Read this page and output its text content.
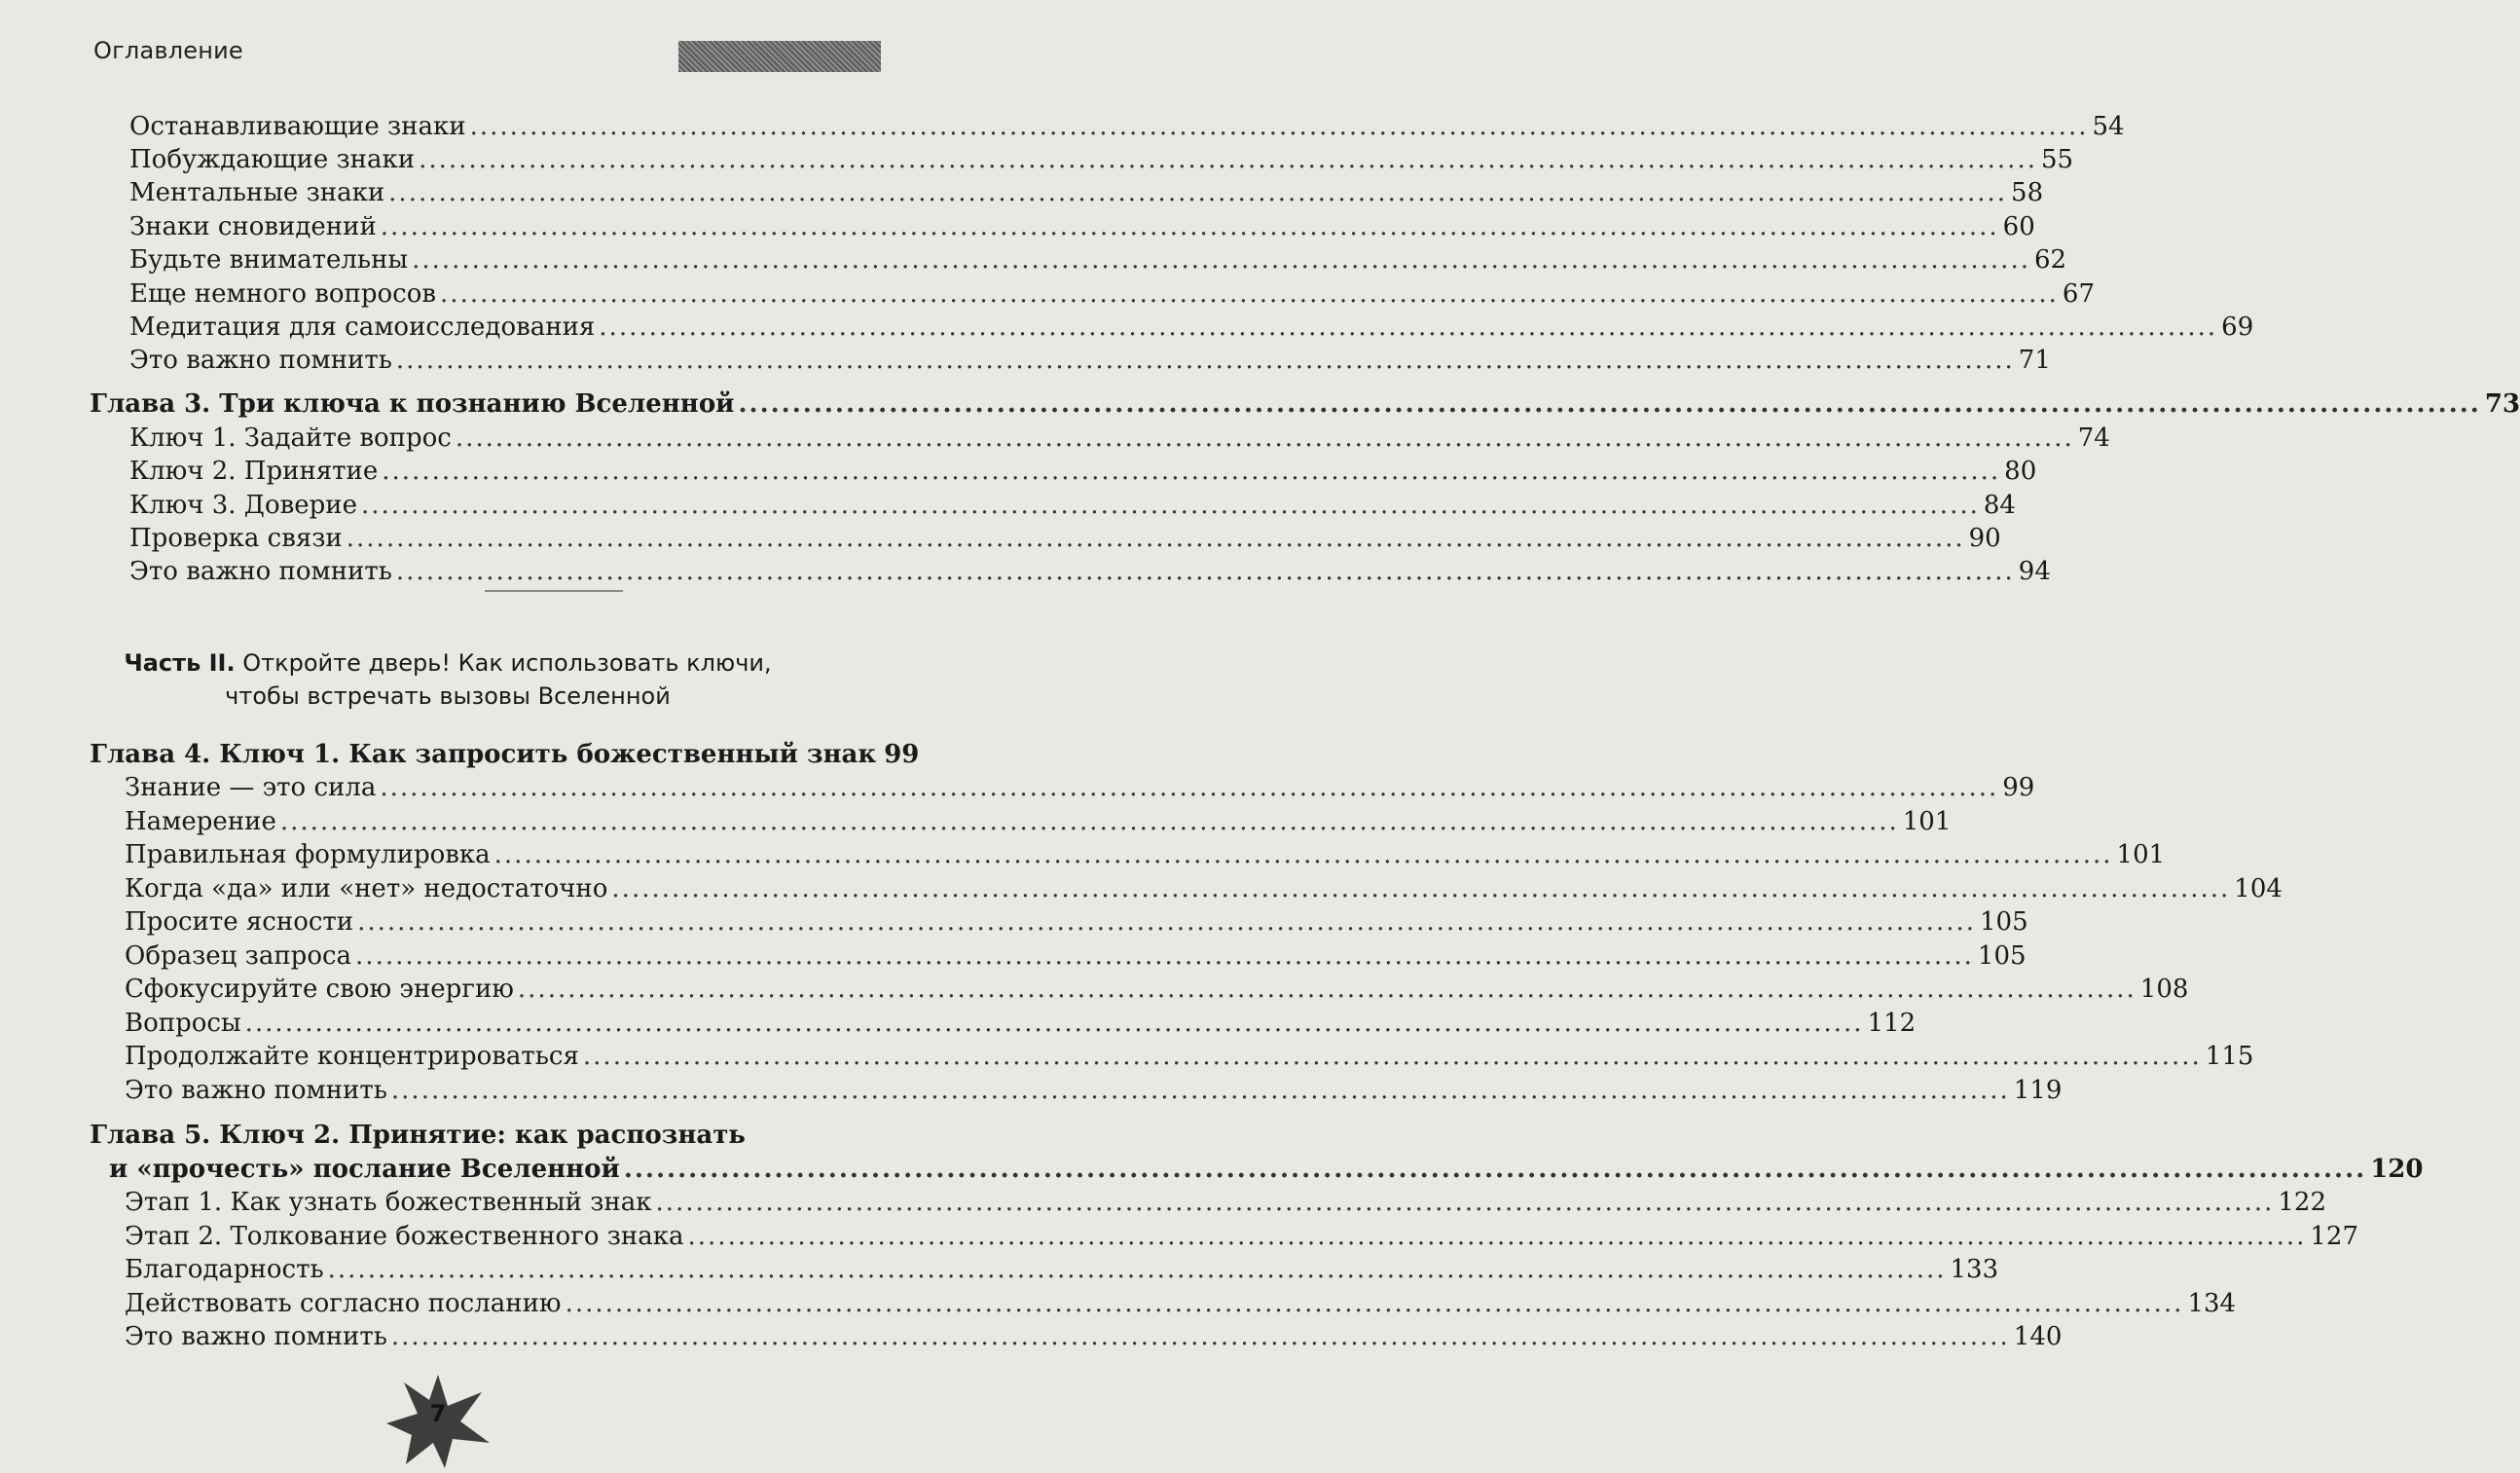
Оглавление
Останавливающие знаки .....	54
Побуждающие знаки .....	55
Ментальные знаки .....	58
Знаки сновидений .....	60
Будьте внимательны .....	62
Еще немного вопросов .....	67
Медитация для самоисследования .....	69
Это важно помнить .....	71
Глава 3. Три ключа к познанию Вселенной .....	73
Ключ 1. Задайте вопрос .....	74
Ключ 2. Принятие .....	80
Ключ 3. Доверие .....	84
Проверка связи .....	90
Это важно помнить .....	94
Часть II. Откройте дверь! Как использовать ключи,
чтобы встречать вызовы Вселенной
Глава 4. Ключ 1. Как запросить божественный знак 99
Знание — это сила .....	99
Намерение .....	101
Правильная формулировка .....	101
Когда «да» или «нет» недостаточно .....	104
Просите ясности .....	105
Образец запроса .....	105
Сфокусируйте свою энергию .....	108
Вопросы .....	112
Продолжайте концентрироваться .....	115
Это важно помнить .....	119
Глава 5. Ключ 2. Принятие: как распознать
и «прочесть» послание Вселенной .....	120
Этап 1. Как узнать божественный знак .....	122
Этап 2. Толкование божественного знака .....	127
Благодарность .....	133
Действовать согласно посланию .....	134
Это важно помнить .....	140
7
